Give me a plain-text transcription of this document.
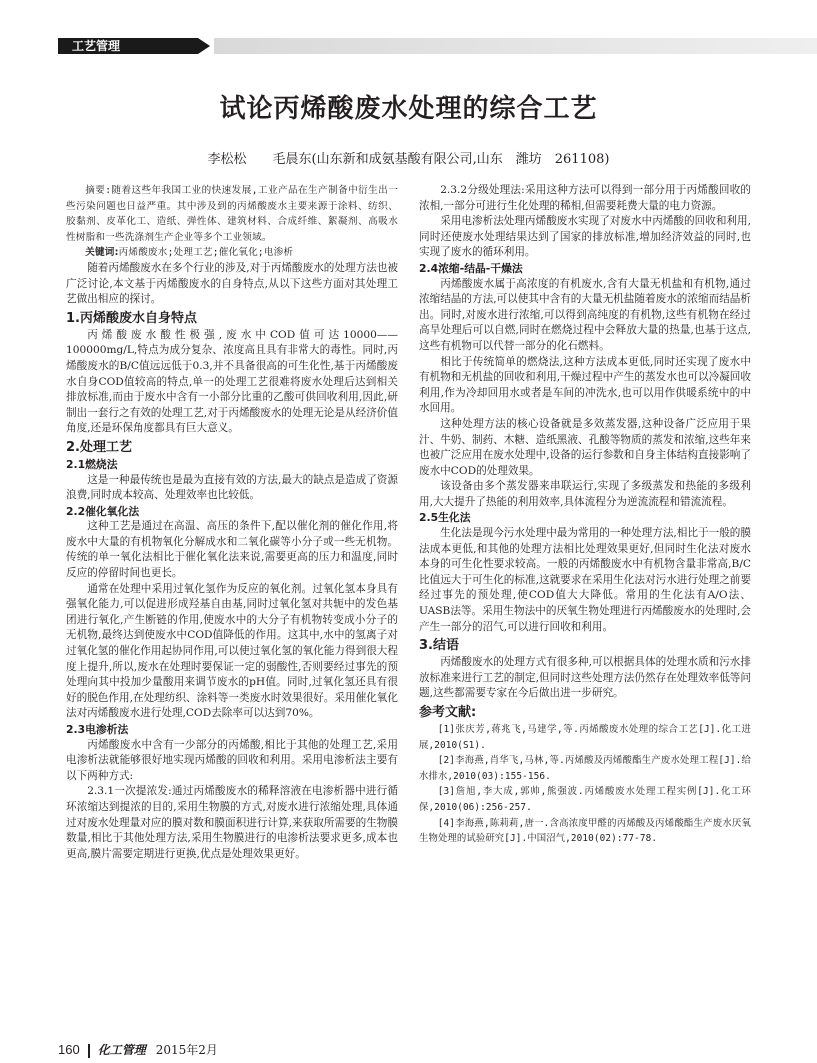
工艺管理
试论丙烯酸废水处理的综合工艺
李松松　　毛晨东(山东新和成氨基酸有限公司,山东　潍坊　261108)

摘要:随着这些年我国工业的快速发展,工业产品在生产制备中衍生出一些污染问题也日益严重。其中涉及到的丙烯酸废水主要来源于涂料、纺织、胶黏剂、皮革化工、造纸、弹性体、建筑材料、合成纤维、絮凝剂、高吸水性树脂和一些洗涤剂生产企业等多个工业领域。

关键词:丙烯酸废水;处理工艺;催化氧化;电渗析

随着丙烯酸废水在多个行业的涉及,对于丙烯酸废水的处理方法也被广泛讨论,本文基于丙烯酸废水的自身特点,从以下这些方面对其处理工艺做出相应的探讨。

1.丙烯酸废水自身特点

丙烯酸废水酸性极强,废水中COD值可达10000——100000mg/L,特点为成分复杂、浓度高且具有非常大的毒性。同时,丙烯酸废水的B/C值远远低于0.3,并不具备很高的可生化性,基于丙烯酸废水自身COD值较高的特点,单一的处理工艺很难将废水处理后达到相关排放标准,而由于废水中含有一小部分比重的乙酸可供回收利用,因此,研制出一套行之有效的处理工艺,对于丙烯酸废水的处理无论是从经济价值角度,还是环保角度都具有巨大意义。

2.处理工艺
2.1燃烧法

这是一种最传统也是最为直接有效的方法,最大的缺点是造成了资源浪费,同时成本较高、处理效率也比较低。

2.2催化氧化法

这种工艺是通过在高温、高压的条件下,配以催化剂的催化作用,将废水中大量的有机物氧化分解成水和二氧化碳等小分子或一些无机物。传统的单一氧化法相比于催化氧化法来说,需要更高的压力和温度,同时反应的停留时间也更长。

通常在处理中采用过氧化氢作为反应的氧化剂。过氧化氢本身具有强氧化能力,可以促进形成羟基自由基,同时过氧化氢对共轭中的发色基团进行氧化,产生断链的作用,使废水中的大分子有机物转变成小分子的无机物,最终达到使废水中COD值降低的作用。这其中,水中的氢离子对过氧化氢的催化作用起协同作用,可以使过氧化氢的氧化能力得到很大程度上提升,所以,废水在处理时要保证一定的弱酸性,否则要经过事先的预处理向其中投加少量酸用来调节废水的pH值。同时,过氧化氢还具有很好的脱色作用,在处理纺织、涂料等一类废水时效果很好。采用催化氧化法对丙烯酸废水进行处理,COD去除率可以达到70%。

2.3电渗析法

丙烯酸废水中含有一少部分的丙烯酸,相比于其他的处理工艺,采用电渗析法就能够很好地实现丙烯酸的回收和利用。采用电渗析法主要有以下两种方式:

2.3.1一次提浓发:通过丙烯酸废水的稀释溶液在电渗析器中进行循环浓缩达到提浓的目的,采用生物膜的方式,对废水进行浓缩处理,具体通过对废水处理量对应的膜对数和膜面积进行计算,来获取所需要的生物膜数量,相比于其他处理方法,采用生物膜进行的电渗析法要求更多,成本也更高,膜片需要定期进行更换,优点是处理效果更好。

2.3.2分级处理法:采用这种方法可以得到一部分用于丙烯酸回收的浓相,一部分可进行生化处理的稀相,但需要耗费大量的电力资源。

采用电渗析法处理丙烯酸废水实现了对废水中丙烯酸的回收和利用,同时还使废水处理结果达到了国家的排放标准,增加经济效益的同时,也实现了废水的循环利用。

2.4浓缩-结晶-干燥法

丙烯酸废水属于高浓度的有机废水,含有大量无机盐和有机物,通过浓缩结晶的方法,可以使其中含有的大量无机盐随着废水的浓缩而结晶析出。同时,对废水进行浓缩,可以得到高纯度的有机物,这些有机物在经过高旱处理后可以自燃,同时在燃烧过程中会释放大量的热量,也基于这点,这些有机物可以代替一部分的化石燃料。

相比于传统简单的燃烧法,这种方法成本更低,同时还实现了废水中有机物和无机盐的回收和利用,干燥过程中产生的蒸发水也可以冷凝回收利用,作为冷却回用水或者是车间的冲洗水,也可以用作供暖系统中的中水回用。

这种处理方法的核心设备就是多效蒸发器,这种设备广泛应用于果汁、牛奶、制药、木糖、造纸黑液、孔酸等物质的蒸发和浓缩,这些年来也被广泛应用在废水处理中,设备的运行参数和自身主体结构直接影响了废水中COD的处理效果。

该设备由多个蒸发器来串联运行,实现了多级蒸发和热能的多级利用,大大提升了热能的利用效率,具体流程分为逆流流程和错流流程。

2.5生化法

生化法是现今污水处理中最为常用的一种处理方法,相比于一般的膜法成本更低,和其他的处理方法相比处理效果更好,但同时生化法对废水本身的可生化性要求较高。一般的丙烯酸废水中有机物含量非常高,B/C比值远大于可生化的标准,这就要求在采用生化法对污水进行处理之前要经过事先的预处理,使COD值大大降低。常用的生化法有A/O法、UASB法等。采用生物法中的厌氧生物处理进行丙烯酸废水的处理时,会产生一部分的沼气,可以进行回收和利用。

3.结语

丙烯酸废水的处理方式有很多种,可以根据具体的处理水质和污水排放标准来进行工艺的制定,但同时这些处理方法仍然存在处理效率低等问题,这些都需要专家在今后做出进一步研究。

参考文献:

[1]张庆芳,蒋兆飞,马建学,等.丙烯酸废水处理的综合工艺[J].化工进展,2010(S1).

[2]李海燕,肖华飞,马林,等.丙烯酸及丙烯酸酯生产废水处理工程[J].给水排水,2010(03):155-156.

[3]詹旭,李大成,郭帅,熊强波.丙烯酸废水处理工程实例[J].化工环保,2010(06):256-257.

[4]李海燕,陈莉莉,唐一.含高浓度甲醛的丙烯酸及丙烯酸酯生产废水厌氧生物处理的试验研究[J].中国沼气,2010(02):77-78.

160 化工管理 2015年2月
